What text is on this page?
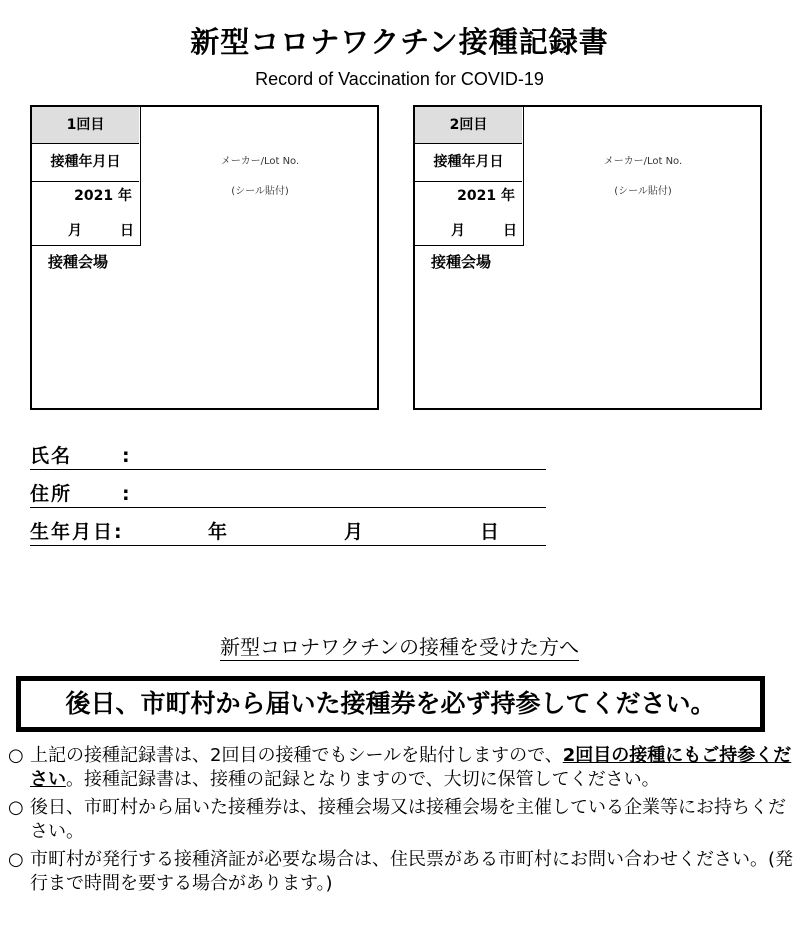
新型コロナワクチン接種記録書
Record of Vaccination for COVID-19
1回目
接種年月日
2021 年
月	日
メーカー/Lot No.
(シール貼付)
接種会場
2回目
接種年月日
2021 年
月	日
メーカー/Lot No.
(シール貼付)
接種会場
氏名	:
住所	:
生年月日:	年	月	日
新型コロナワクチンの接種を受けた方へ
後日、市町村から届いた接種券を必ず持参してください。
○ 上記の接種記録書は、2回目の接種でもシールを貼付しますので、2回目の接種にもご持参ください。接種記録書は、接種の記録となりますので、大切に保管してください。
○ 後日、市町村から届いた接種券は、接種会場又は接種会場を主催している企業等にお持ちください。
○ 市町村が発行する接種済証が必要な場合は、住民票がある市町村にお問い合わせください。(発行まで時間を要する場合があります。)
